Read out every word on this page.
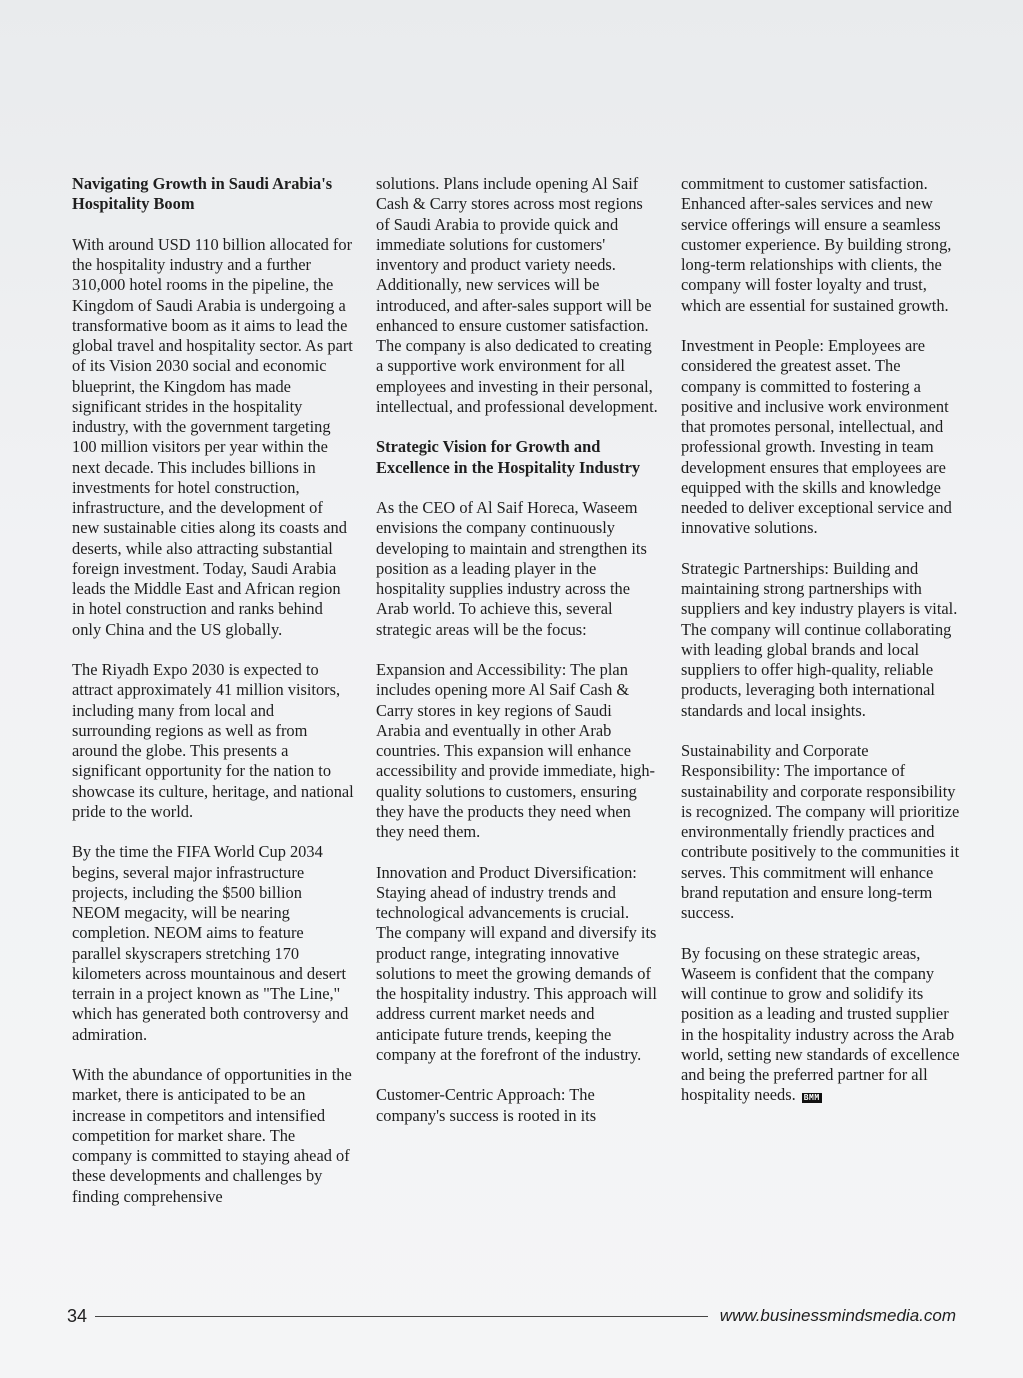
Navigating Growth in Saudi Arabia's Hospitality Boom

With around USD 110 billion allocated for the hospitality industry and a further 310,000 hotel rooms in the pipeline, the Kingdom of Saudi Arabia is undergoing a transformative boom as it aims to lead the global travel and hospitality sector. As part of its Vision 2030 social and economic blueprint, the Kingdom has made significant strides in the hospitality industry, with the government targeting 100 million visitors per year within the next decade. This includes billions in investments for hotel construction, infrastructure, and the development of new sustainable cities along its coasts and deserts, while also attracting substantial foreign investment. Today, Saudi Arabia leads the Middle East and African region in hotel construction and ranks behind only China and the US globally.

The Riyadh Expo 2030 is expected to attract approximately 41 million visitors, including many from local and surrounding regions as well as from around the globe. This presents a significant opportunity for the nation to showcase its culture, heritage, and national pride to the world.

By the time the FIFA World Cup 2034 begins, several major infrastructure projects, including the $500 billion NEOM megacity, will be nearing completion. NEOM aims to feature parallel skyscrapers stretching 170 kilometers across mountainous and desert terrain in a project known as "The Line," which has generated both controversy and admiration.

With the abundance of opportunities in the market, there is anticipated to be an increase in competitors and intensified competition for market share. The company is committed to staying ahead of these developments and challenges by finding comprehensive

solutions. Plans include opening Al Saif Cash & Carry stores across most regions of Saudi Arabia to provide quick and immediate solutions for customers' inventory and product variety needs. Additionally, new services will be introduced, and after-sales support will be enhanced to ensure customer satisfaction. The company is also dedicated to creating a supportive work environment for all employees and investing in their personal, intellectual, and professional development.

Strategic Vision for Growth and Excellence in the Hospitality Industry

As the CEO of Al Saif Horeca, Waseem envisions the company continuously developing to maintain and strengthen its position as a leading player in the hospitality supplies industry across the Arab world. To achieve this, several strategic areas will be the focus:

Expansion and Accessibility: The plan includes opening more Al Saif Cash & Carry stores in key regions of Saudi Arabia and eventually in other Arab countries. This expansion will enhance accessibility and provide immediate, high-quality solutions to customers, ensuring they have the products they need when they need them.

Innovation and Product Diversification: Staying ahead of industry trends and technological advancements is crucial. The company will expand and diversify its product range, integrating innovative solutions to meet the growing demands of the hospitality industry. This approach will address current market needs and anticipate future trends, keeping the company at the forefront of the industry.

Customer-Centric Approach: The company's success is rooted in its

commitment to customer satisfaction. Enhanced after-sales services and new service offerings will ensure a seamless customer experience. By building strong, long-term relationships with clients, the company will foster loyalty and trust, which are essential for sustained growth.

Investment in People: Employees are considered the greatest asset. The company is committed to fostering a positive and inclusive work environment that promotes personal, intellectual, and professional growth. Investing in team development ensures that employees are equipped with the skills and knowledge needed to deliver exceptional service and innovative solutions.

Strategic Partnerships: Building and maintaining strong partnerships with suppliers and key industry players is vital. The company will continue collaborating with leading global brands and local suppliers to offer high-quality, reliable products, leveraging both international standards and local insights.

Sustainability and Corporate Responsibility: The importance of sustainability and corporate responsibility is recognized. The company will prioritize environmentally friendly practices and contribute positively to the communities it serves. This commitment will enhance brand reputation and ensure long-term success.

By focusing on these strategic areas, Waseem is confident that the company will continue to grow and solidify its position as a leading and trusted supplier in the hospitality industry across the Arab world, setting new standards of excellence and being the preferred partner for all hospitality needs. BMM

34	www.businessmindsmedia.com
